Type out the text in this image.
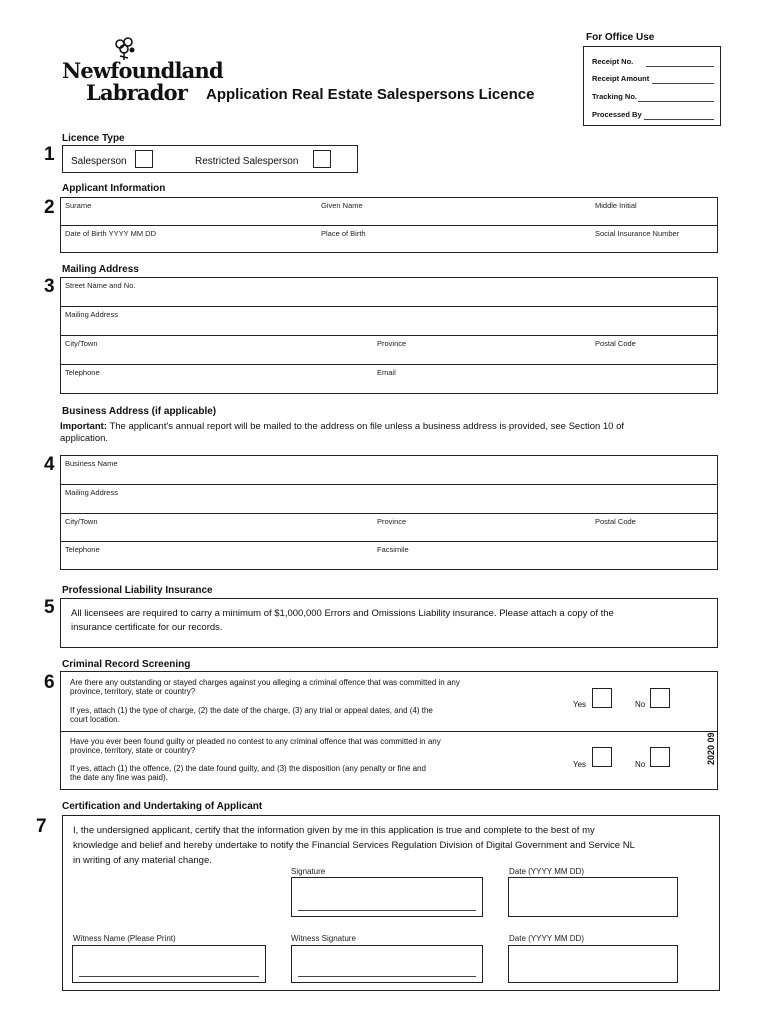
Newfoundland
Labrador Application Real Estate Salespersons Licence
For Office Use
Receipt No.
Receipt Amount
Tracking No.
Processed By
1
Licence Type
Salesperson	Restricted Salesperson
2
Applicant Information
Surame	Given Name	Middle Initial
Date of Birth YYYY MM DD	Place of Birth	Social Insurance Number
3
Mailing Address
Street Name and No.
Mailing Address
City/Town	Province	Postal Code
Telephone	Email
Business Address (if applicable)
Important: The applicant's annual report will be mailed to the address on file unless a business address is provided, see Section 10 of
application.
4 Business Name
Mailing Address
City/Town	Province	Postal Code
Telephone	Facsimile
Professional Liability Insurance
5 All licensees are required to carry a minimum of $1,000,000 Errors and Omissions Liability insurance. Please attach a copy of the
insurance certificate for our records.
Criminal Record Screening
6 Are there any outstanding or stayed charges against you alleging a criminal offence that was committed in any
province, territory, state or country?
If yes, attach (1) the type of charge, (2) the date of the charge, (3) any trial or appeal dates, and (4) the
court location.
Yes	No
Have you ever been found guilty or pleaded no contest to any criminal offence that was committed in any
province, territory, state or country?
If yes, attach (1) the offence, (2) the date found guilty, and (3) the disposition (any penalty or fine and
the date any fine was paid).
Yes	No	2020 09
Certification and Undertaking of Applicant
7	I, the undersigned applicant, certify that the information given by me in this application is true and complete to the best of my
knowledge and belief and hereby undertake to notify the Financial Services Regulation Division of Digital Government and Service NL
in writing of any material change.
Signature	Date (YYYY MM DD)
Witness Name (Please Print)	Witness Signature	Date (YYYY MM DD)
